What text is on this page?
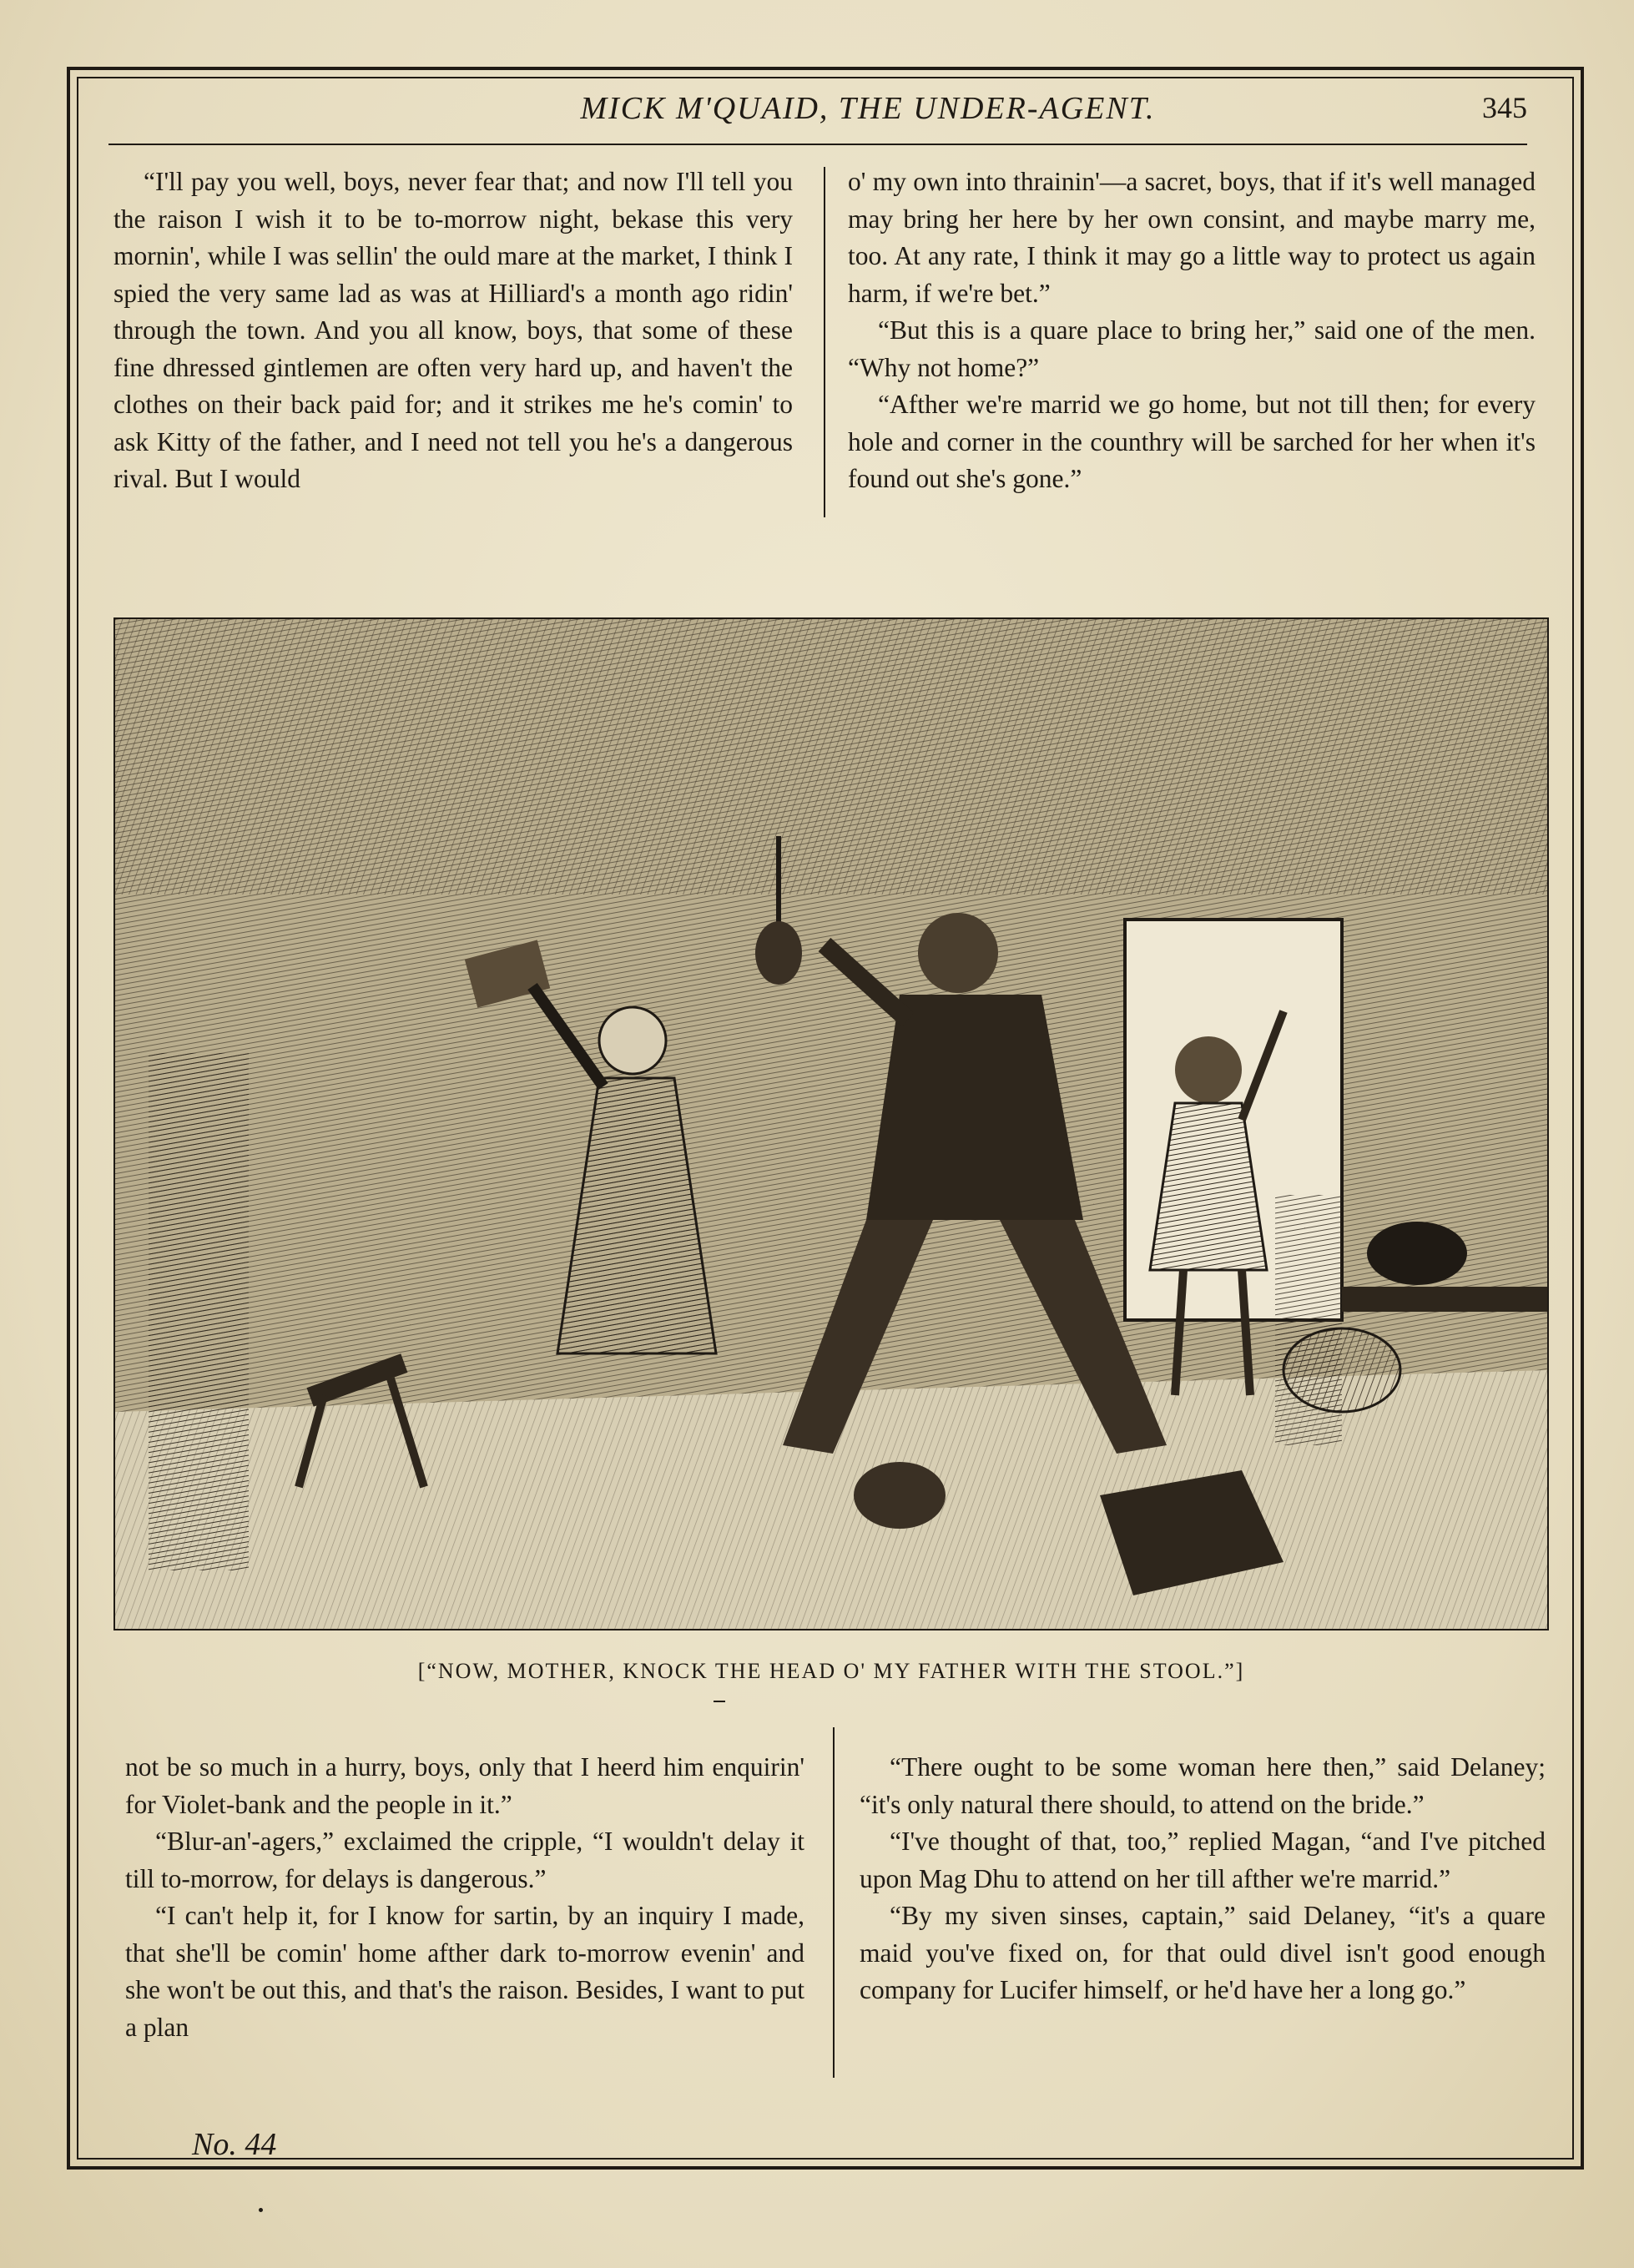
MICK M'QUAID, THE UNDER-AGENT.	345

“I'll pay you well, boys, never fear that; and now I'll tell you the raison I wish it to be to-morrow night, bekase this very mornin', while I was sellin' the ould mare at the market, I think I spied the very same lad as was at Hilliard's a month ago ridin' through the town. And you all know, boys, that some of these fine dhressed gintlemen are often very hard up, and haven't the clothes on their back paid for; and it strikes me he's comin' to ask Kitty of the father, and I need not tell you he's a dangerous rival. But I would

o' my own into thrainin'—a sacret, boys, that if it's well managed may bring her here by her own consint, and maybe marry me, too. At any rate, I think it may go a little way to protect us again harm, if we're bet.”

“But this is a quare place to bring her,” said one of the men. “Why not home?”

“Afther we're marrid we go home, but not till then; for every hole and corner in the counthry will be sarched for her when it's found out she's gone.”

[“NOW, MOTHER, KNOCK THE HEAD O' MY FATHER WITH THE STOOL.”]

not be so much in a hurry, boys, only that I heerd him enquirin' for Violet-bank and the people in it.”

“Blur-an'-agers,” exclaimed the cripple, “I wouldn't delay it till to-morrow, for delays is dangerous.”

“I can't help it, for I know for sartin, by an inquiry I made, that she'll be comin' home afther dark to-morrow evenin' and she won't be out this, and that's the raison. Besides, I want to put a plan

“There ought to be some woman here then,” said Delaney; “it's only natural there should, to attend on the bride.”

“I've thought of that, too,” replied Magan, “and I've pitched upon Mag Dhu to attend on her till afther we're marrid.”

“By my siven sinses, captain,” said Delaney, “it's a quare maid you've fixed on, for that ould divel isn't good enough company for Lucifer himself, or he'd have her a long go.”

No. 44
